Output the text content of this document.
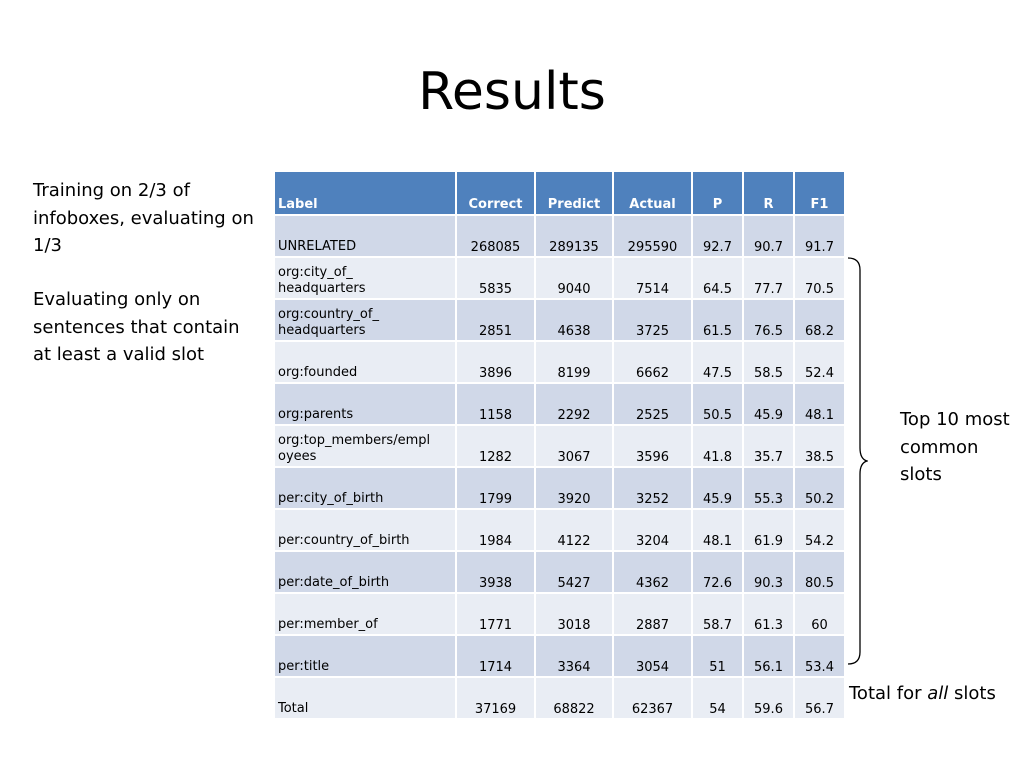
Results
Training on 2/3 of infoboxes, evaluating on 1/3
Evaluating only on sentences that contain at least a valid slot
Label	Correct	Predict	Actual	P	R	F1
UNRELATED	268085	289135	295590	92.7	90.7	91.7
org:city_of_
headquarters	5835	9040	7514	64.5	77.7	70.5
org:country_of_
headquarters	2851	4638	3725	61.5	76.5	68.2
org:founded	3896	8199	6662	47.5	58.5	52.4
org:parents	1158	2292	2525	50.5	45.9	48.1
org:top_members/empl
oyees	1282	3067	3596	41.8	35.7	38.5
per:city_of_birth	1799	3920	3252	45.9	55.3	50.2
per:country_of_birth	1984	4122	3204	48.1	61.9	54.2
per:date_of_birth	3938	5427	4362	72.6	90.3	80.5
per:member_of	1771	3018	2887	58.7	61.3	60
per:title	1714	3364	3054	51	56.1	53.4
Total	37169	68822	62367	54	59.6	56.7
Top 10 most common slots
Total for all slots
